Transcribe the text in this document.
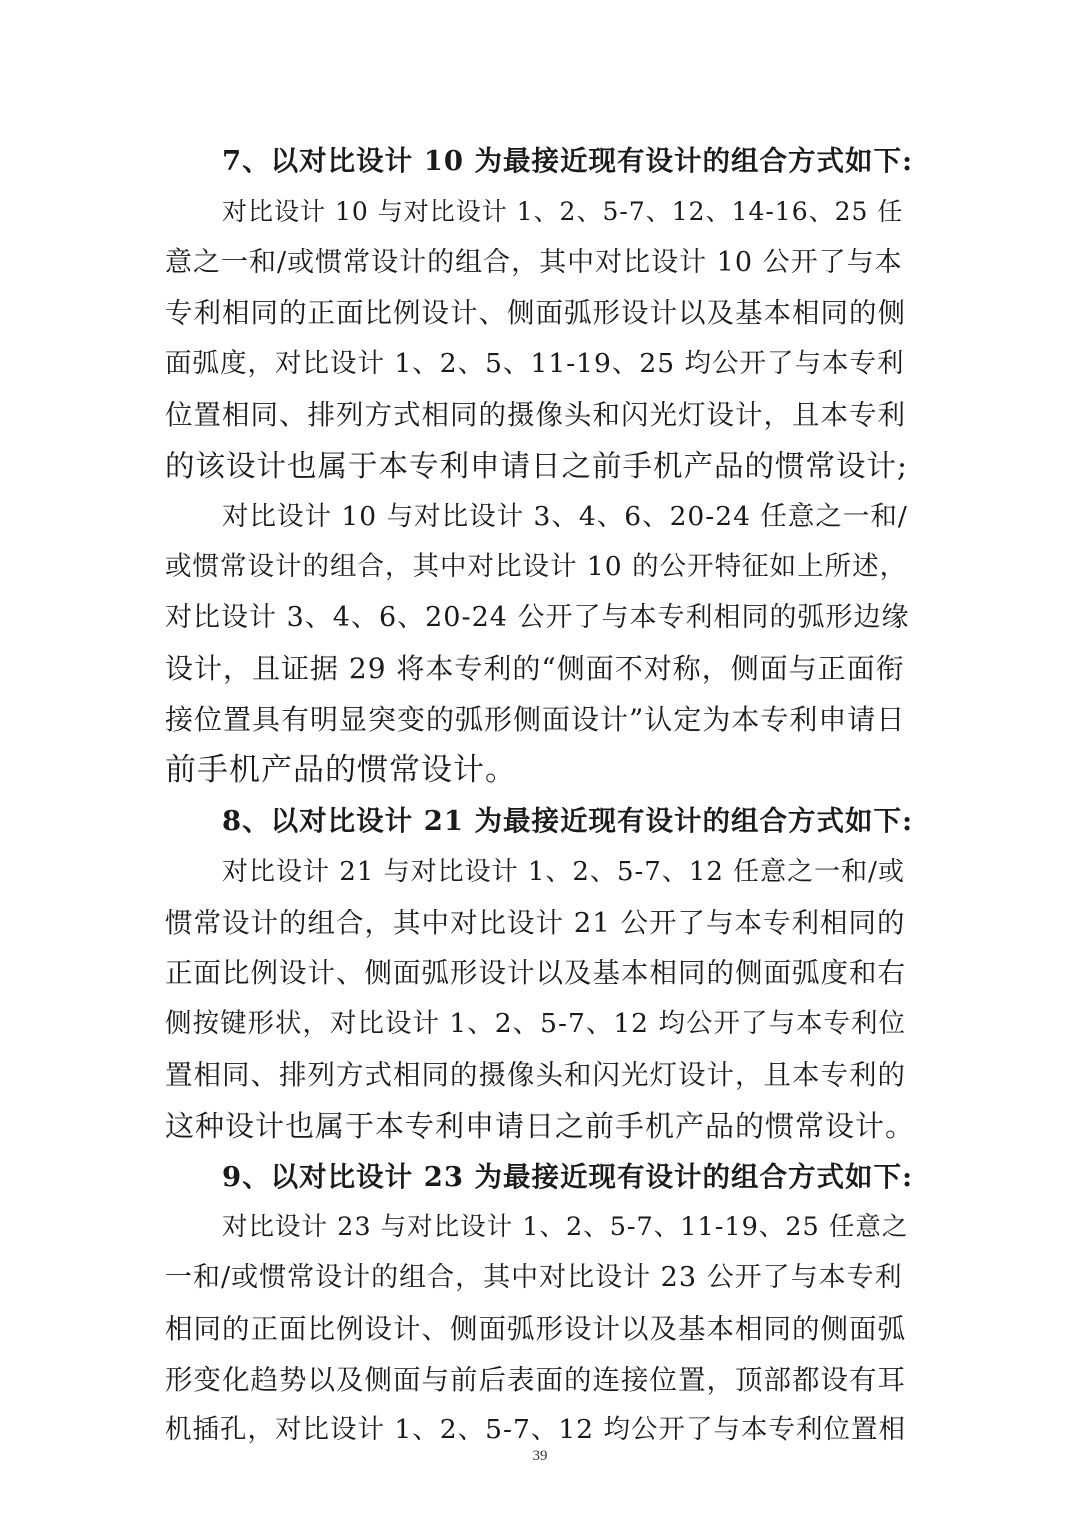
7、以对比设计 10 为最接近现有设计的组合方式如下:
对比设计 10 与对比设计 1、2、5-7、12、14-16、25 任
意之一和/或惯常设计的组合，其中对比设计 10 公开了与本
专利相同的正面比例设计、侧面弧形设计以及基本相同的侧
面弧度，对比设计 1、2、5、11-19、25 均公开了与本专利
位置相同、排列方式相同的摄像头和闪光灯设计，且本专利
的该设计也属于本专利申请日之前手机产品的惯常设计;
对比设计 10 与对比设计 3、4、6、20-24 任意之一和/
或惯常设计的组合，其中对比设计 10 的公开特征如上所述，
对比设计 3、4、6、20-24 公开了与本专利相同的弧形边缘
设计，且证据 29 将本专利的“侧面不对称，侧面与正面衔
接位置具有明显突变的弧形侧面设计”认定为本专利申请日
前手机产品的惯常设计。
8、以对比设计 21 为最接近现有设计的组合方式如下:
对比设计 21 与对比设计 1、2、5-7、12 任意之一和/或
惯常设计的组合，其中对比设计 21 公开了与本专利相同的
正面比例设计、侧面弧形设计以及基本相同的侧面弧度和右
侧按键形状，对比设计 1、2、5-7、12 均公开了与本专利位
置相同、排列方式相同的摄像头和闪光灯设计，且本专利的
这种设计也属于本专利申请日之前手机产品的惯常设计。
9、以对比设计 23 为最接近现有设计的组合方式如下:
对比设计 23 与对比设计 1、2、5-7、11-19、25 任意之
一和/或惯常设计的组合，其中对比设计 23 公开了与本专利
相同的正面比例设计、侧面弧形设计以及基本相同的侧面弧
形变化趋势以及侧面与前后表面的连接位置，顶部都设有耳
机插孔，对比设计 1、2、5-7、12 均公开了与本专利位置相
39
